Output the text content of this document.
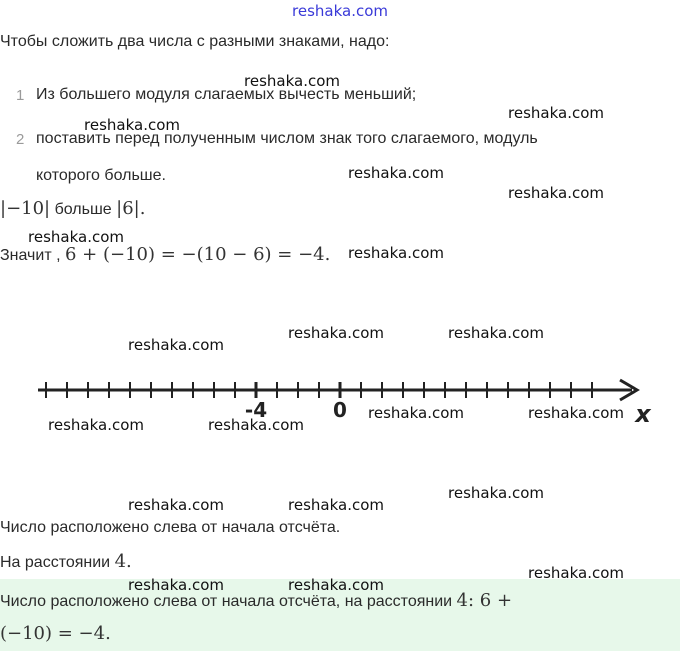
reshaka.com
Чтобы сложить два числа с разными знаками, надо:
1 Из большего модуля слагаемых вычесть меньший;
2 поставить перед полученным числом знак того слагаемого, модуль
которого больше.
|−10| больше |6|.
Значит , 6 + (−10) = −(10 − 6) = −4.
-4	0	x
Число расположено слева от начала отсчёта.
На расстоянии 4.
Число расположено слева от начала отсчёта, на расстоянии 4: 6 +
(−10) = −4.
reshaka.com
reshaka.com
reshaka.com
reshaka.com
reshaka.com
reshaka.com
reshaka.com
reshaka.com	reshaka.com
reshaka.com
reshaka.com	reshaka.com
reshaka.com	reshaka.com
reshaka.com
reshaka.com	reshaka.com
reshaka.com
reshaka.com	reshaka.com
